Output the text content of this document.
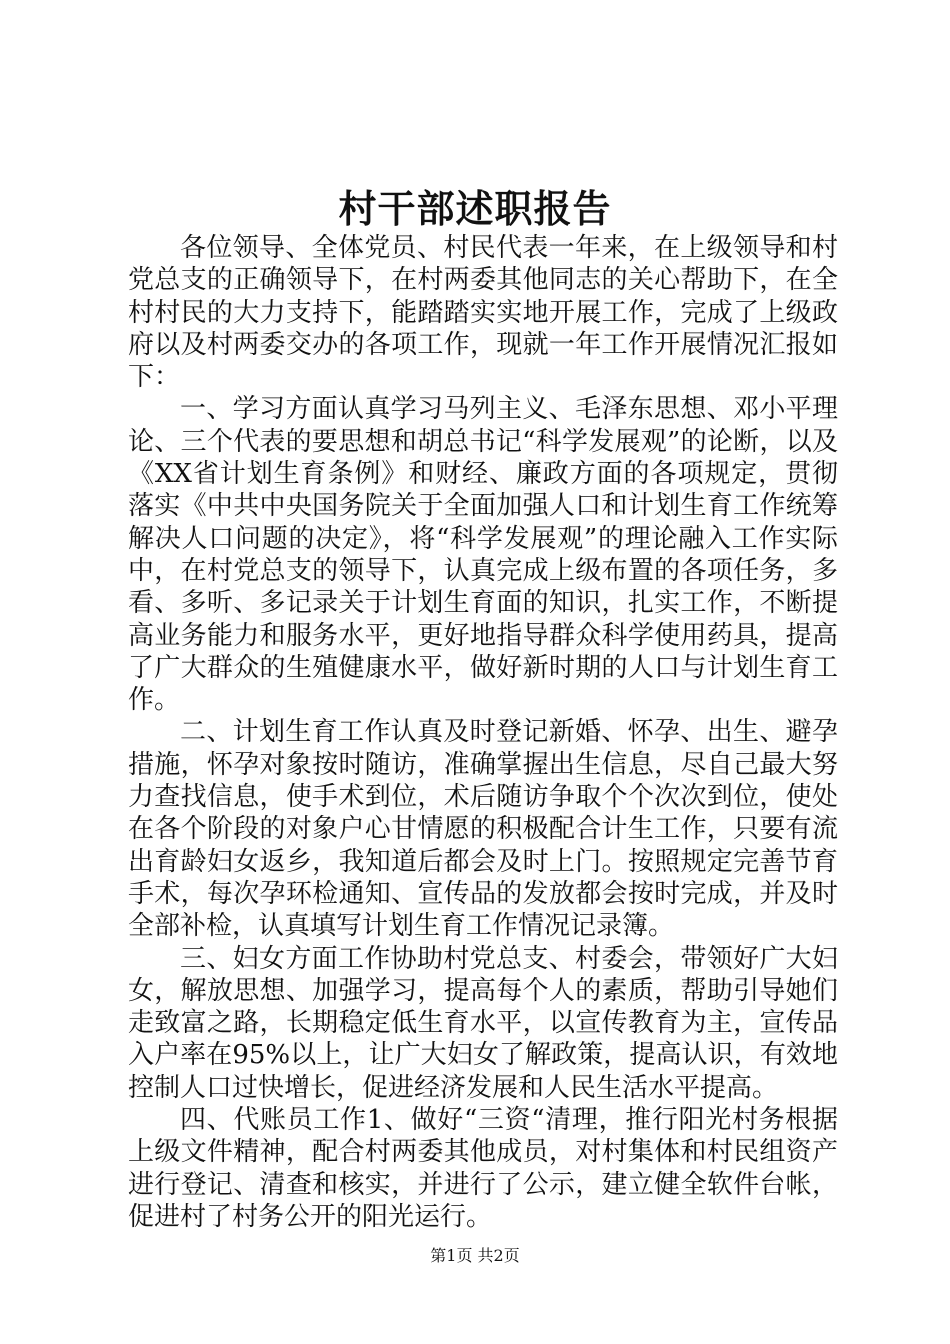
村干部述职报告

各位领导、全体党员、村民代表一年来，在上级领导和村党总支的正确领导下，在村两委其他同志的关心帮助下，在全村村民的大力支持下，能踏踏实实地开展工作，完成了上级政府以及村两委交办的各项工作，现就一年工作开展情况汇报如下：

一、学习方面认真学习马列主义、毛泽东思想、邓小平理论、三个代表的要思想和胡总书记“科学发展观”的论断，以及《XX省计划生育条例》和财经、廉政方面的各项规定，贯彻落实《中共中央国务院关于全面加强人口和计划生育工作统筹解决人口问题的决定》，将“科学发展观”的理论融入工作实际中，在村党总支的领导下，认真完成上级布置的各项任务，多看、多听、多记录关于计划生育面的知识，扎实工作，不断提高业务能力和服务水平，更好地指导群众科学使用药具，提高了广大群众的生殖健康水平，做好新时期的人口与计划生育工作。

二、计划生育工作认真及时登记新婚、怀孕、出生、避孕措施，怀孕对象按时随访，准确掌握出生信息，尽自己最大努力查找信息，使手术到位，术后随访争取个个次次到位，使处在各个阶段的对象户心甘情愿的积极配合计生工作，只要有流出育龄妇女返乡，我知道后都会及时上门。按照规定完善节育手术，每次孕环检通知、宣传品的发放都会按时完成，并及时全部补检，认真填写计划生育工作情况记录簿。

三、妇女方面工作协助村党总支、村委会，带领好广大妇女，解放思想、加强学习，提高每个人的素质，帮助引导她们走致富之路，长期稳定低生育水平，以宣传教育为主，宣传品入户率在95%以上，让广大妇女了解政策，提高认识，有效地控制人口过快增长，促进经济发展和人民生活水平提高。

四、代账员工作1、做好“三资“清理，推行阳光村务根据上级文件精神，配合村两委其他成员，对村集体和村民组资产进行登记、清查和核实，并进行了公示，建立健全软件台帐，促进村了村务公开的阳光运行。

第1页 共2页
